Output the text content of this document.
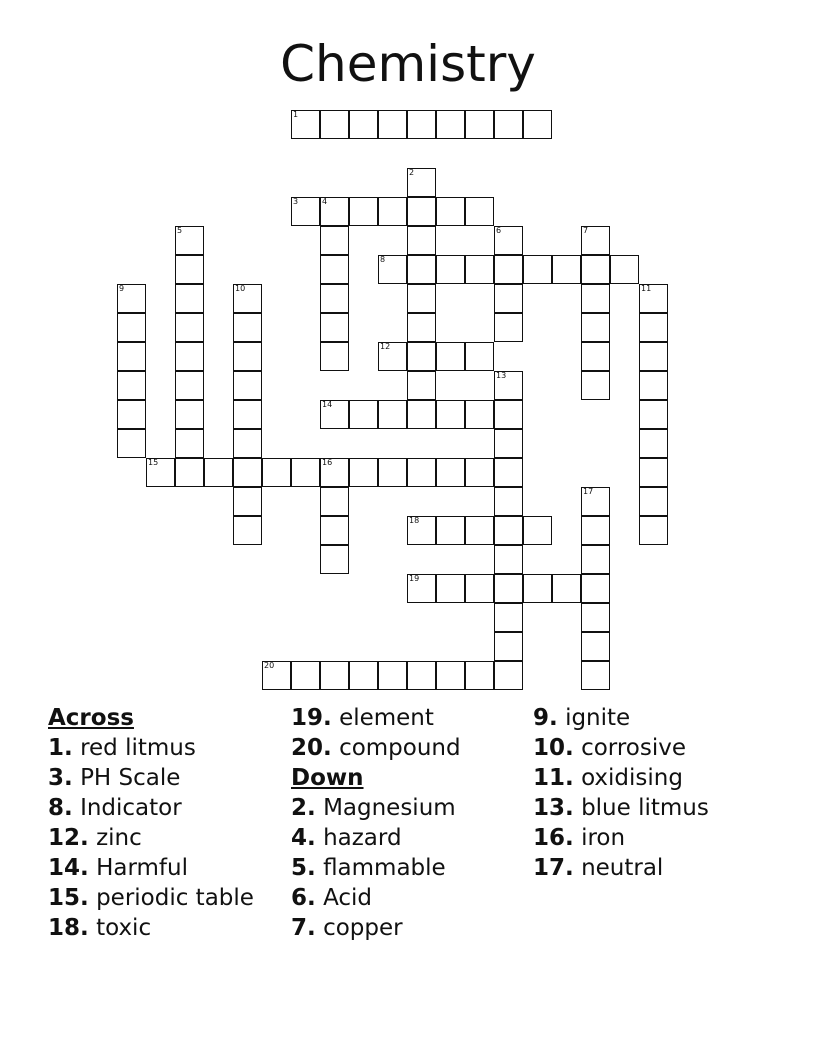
Chemistry
1
3	4
8
12
14
15	16
18
19
20
2
5	6	7
9	10	11
13
17
Across
1. red litmus
3. PH Scale
8. Indicator
12. zinc
14. Harmful
15. periodic table
18. toxic
19. element
20. compound
Down
2. Magnesium
4. hazard
5. flammable
6. Acid
7. copper
9. ignite
10. corrosive
11. oxidising
13. blue litmus
16. iron
17. neutral
